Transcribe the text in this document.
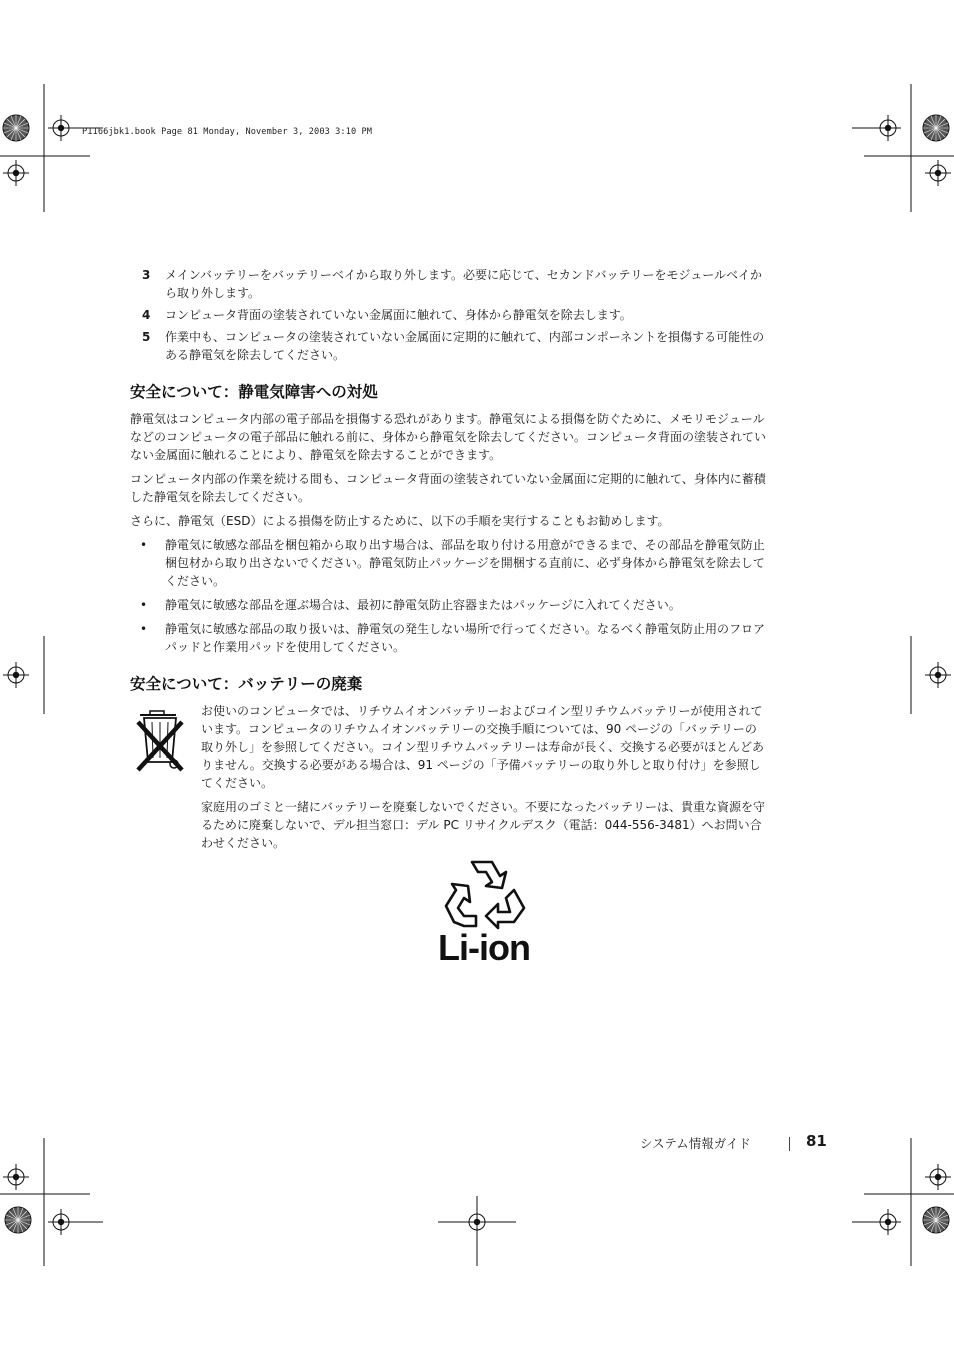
P1166jbk1.book Page 81 Monday, November 3, 2003 3:10 PM
3 メインバッテリーをバッテリーベイから取り外します。必要に応じて、セカンドバッテリーをモジュールベイから取り外します。
4 コンピュータ背面の塗装されていない金属面に触れて、身体から静電気を除去します。
5 作業中も、コンピュータの塗装されていない金属面に定期的に触れて、内部コンポーネントを損傷する可能性のある静電気を除去してください。
安全について：静電気障害への対処

静電気はコンピュータ内部の電子部品を損傷する恐れがあります。静電気による損傷を防ぐために、メモリモジュールなどのコンピュータの電子部品に触れる前に、身体から静電気を除去してください。コンピュータ背面の塗装されていない金属面に触れることにより、静電気を除去することができます。

コンピュータ内部の作業を続ける間も、コンピュータ背面の塗装されていない金属面に定期的に触れて、身体内に蓄積した静電気を除去してください。

さらに、静電気（ESD）による損傷を防止するために、以下の手順を実行することもお勧めします。

• 静電気に敏感な部品を梱包箱から取り出す場合は、部品を取り付ける用意ができるまで、その部品を静電気防止梱包材から取り出さないでください。静電気防止パッケージを開梱する直前に、必ず身体から静電気を除去してください。
• 静電気に敏感な部品を運ぶ場合は、最初に静電気防止容器またはパッケージに入れてください。
• 静電気に敏感な部品の取り扱いは、静電気の発生しない場所で行ってください。なるべく静電気防止用のフロアパッドと作業用パッドを使用してください。
安全について：バッテリーの廃棄

お使いのコンピュータでは、リチウムイオンバッテリーおよびコイン型リチウムバッテリーが使用されています。コンピュータのリチウムイオンバッテリーの交換手順については、90 ページの「バッテリーの取り外し」を参照してください。コイン型リチウムバッテリーは寿命が長く、交換する必要がほとんどありません。交換する必要がある場合は、91 ページの「予備バッテリーの取り外しと取り付け」を参照してください。

家庭用のゴミと一緒にバッテリーを廃棄しないでください。不要になったバッテリーは、貴重な資源を守るために廃棄しないで、デル担当窓口：デル PC リサイクルデスク（電話：044-556-3481）へお問い合わせください。

Li-ion
システム情報ガイド	81
